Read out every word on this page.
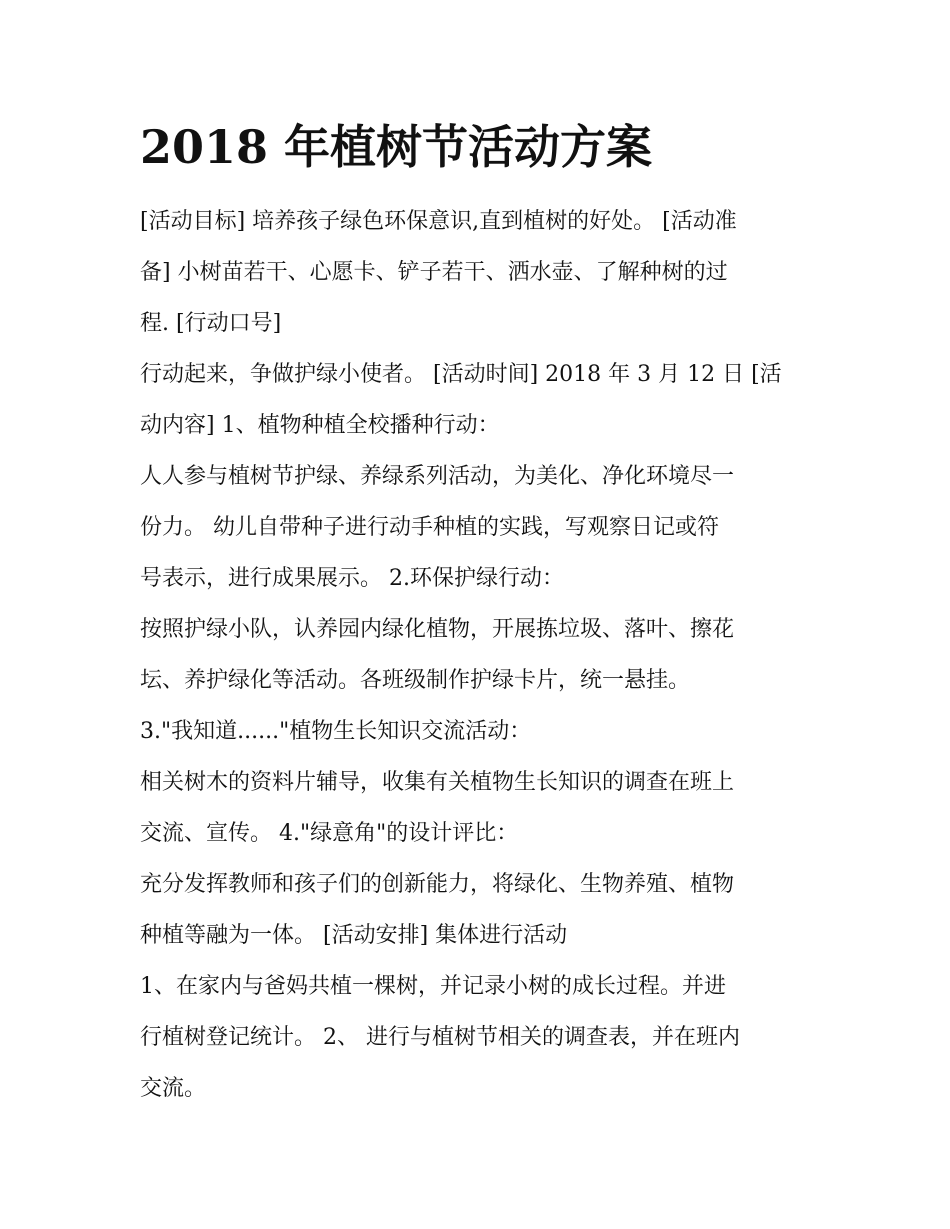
2018 年植树节活动方案
[活动目标] 培养孩子绿色环保意识,直到植树的好处。 [活动准
备] 小树苗若干、心愿卡、铲子若干、洒水壶、了解种树的过
程. [行动口号]
行动起来，争做护绿小使者。 [活动时间] 2018 年 3 月 12 日 [活
动内容] 1、植物种植全校播种行动：
人人参与植树节护绿、养绿系列活动，为美化、净化环境尽一
份力。 幼儿自带种子进行动手种植的实践，写观察日记或符
号表示，进行成果展示。 2.环保护绿行动：
按照护绿小队，认养园内绿化植物，开展拣垃圾、落叶、擦花
坛、养护绿化等活动。各班级制作护绿卡片，统一悬挂。
3."我知道......"植物生长知识交流活动：
相关树木的资料片辅导，收集有关植物生长知识的调查在班上
交流、宣传。 4."绿意角"的设计评比：
充分发挥教师和孩子们的创新能力，将绿化、生物养殖、植物
种植等融为一体。 [活动安排] 集体进行活动
1、在家内与爸妈共植一棵树，并记录小树的成长过程。并进
行植树登记统计。 2、 进行与植树节相关的调查表，并在班内
交流。
